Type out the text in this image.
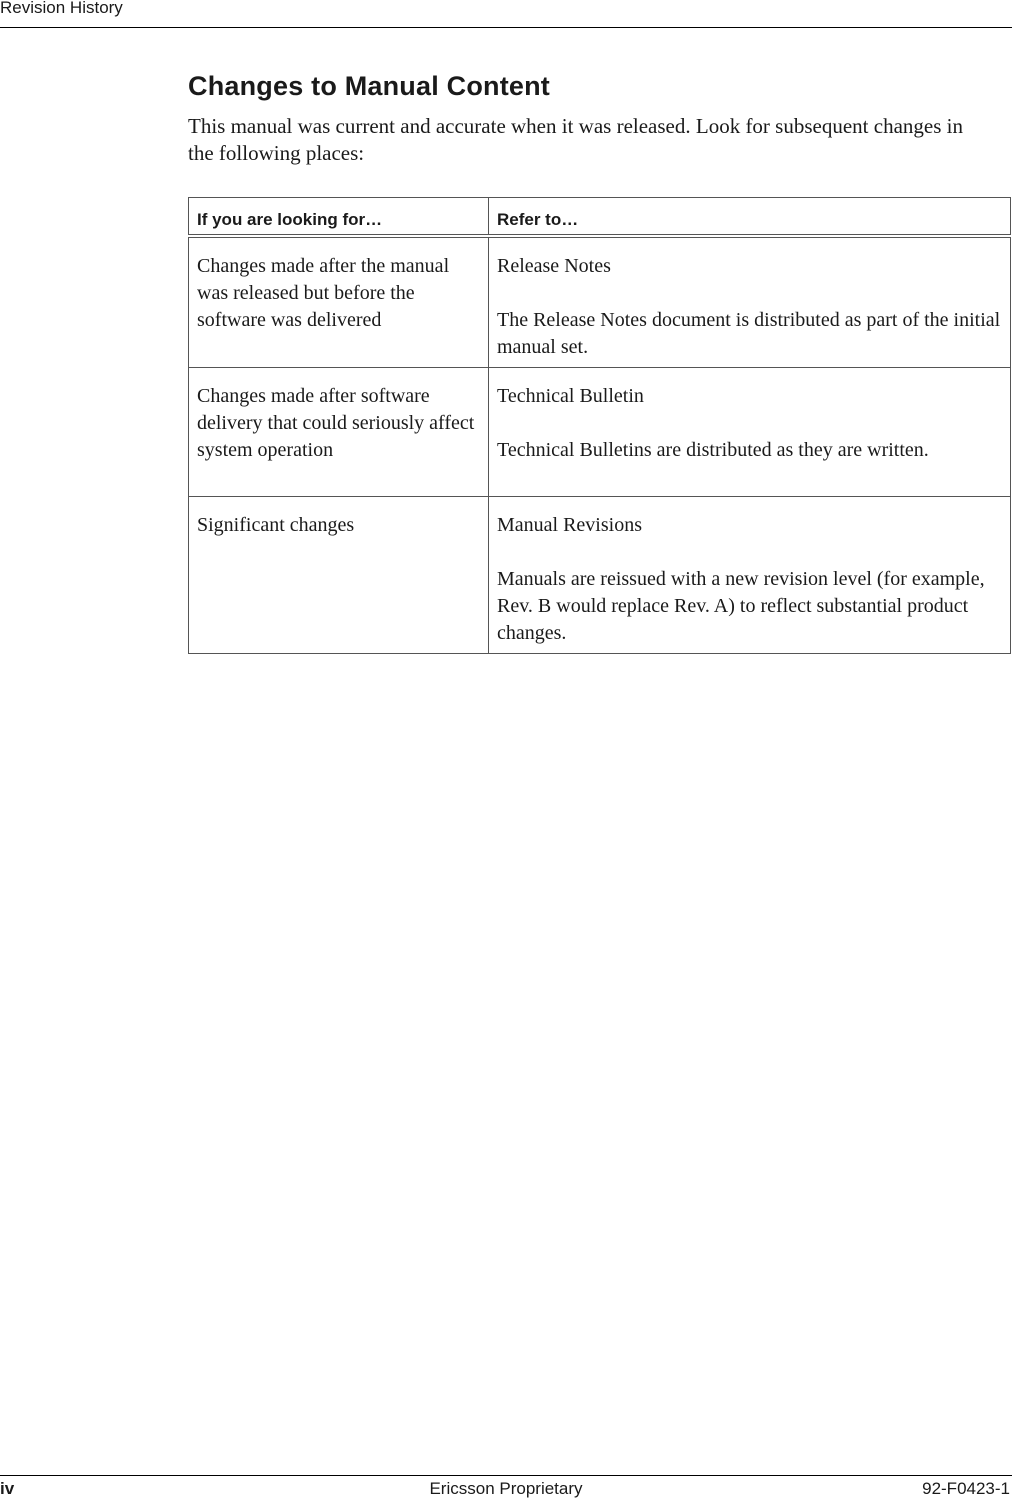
Revision History
Changes to Manual Content

This manual was current and accurate when it was released. Look for subsequent changes in the following places:

If you are looking for…	Refer to…
Changes made after the manual was released but before the software was delivered	Release Notes
The Release Notes document is distributed as part of the initial manual set.

Changes made after software delivery that could seriously affect system operation	Technical Bulletin
Technical Bulletins are distributed as they are written.

Significant changes	Manual Revisions
Manuals are reissued with a new revision level (for example, Rev. B would replace Rev. A) to reflect substantial product changes.
Ericsson Proprietary
iv	92-F0423-1
